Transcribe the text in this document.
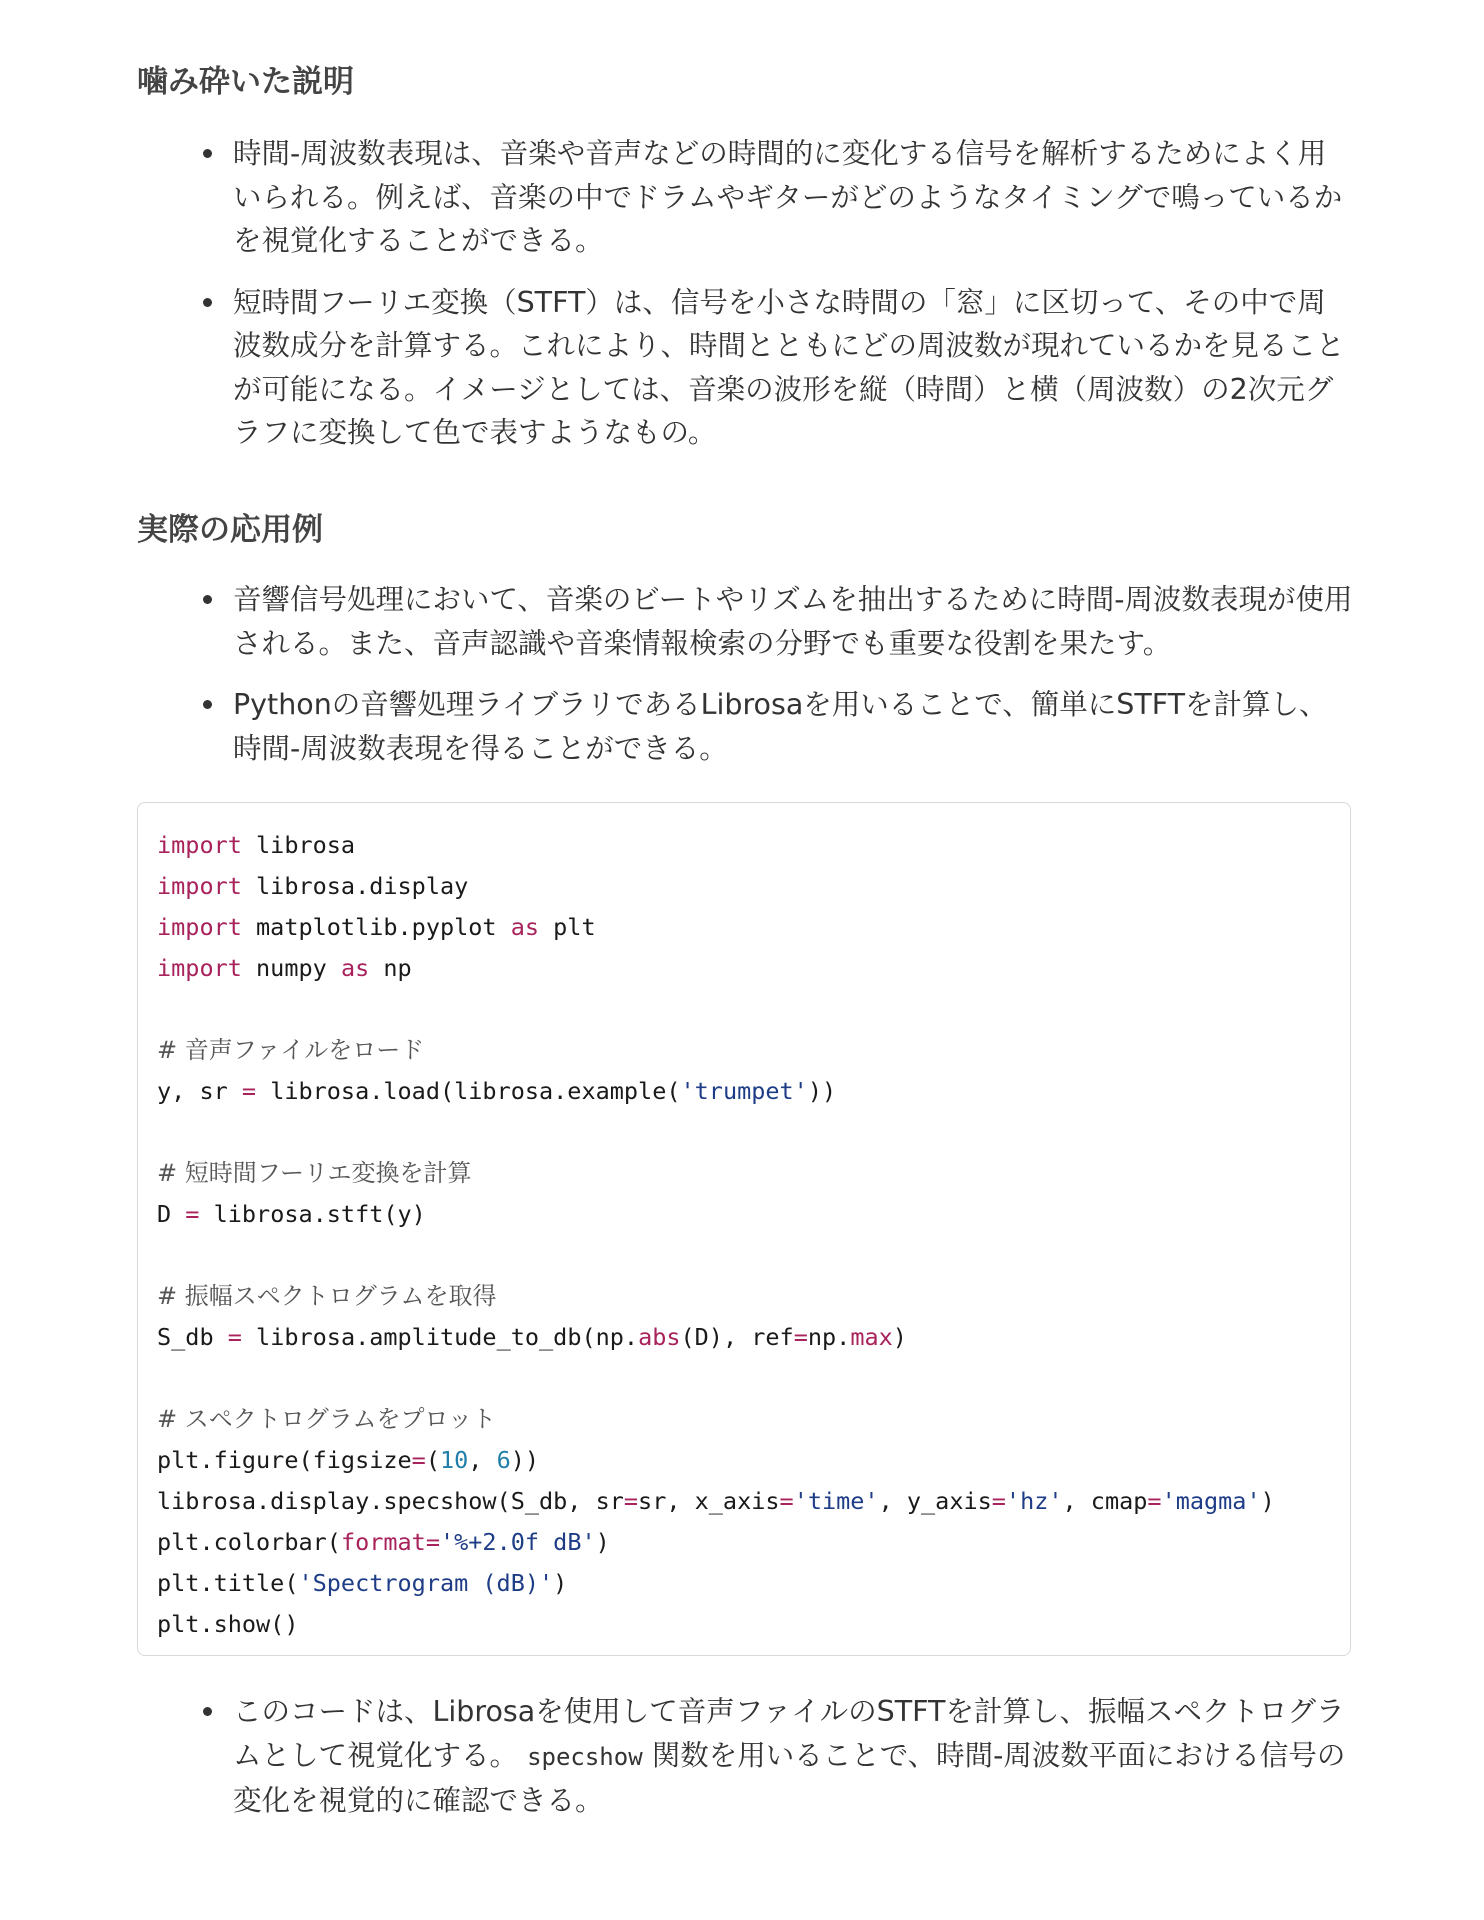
噛み砕いた説明
時間-周波数表現は、音楽や音声などの時間的に変化する信号を解析するためによく用いられる。例えば、音楽の中でドラムやギターがどのようなタイミングで鳴っているかを視覚化することができる。
短時間フーリエ変換（STFT）は、信号を小さな時間の「窓」に区切って、その中で周波数成分を計算する。これにより、時間とともにどの周波数が現れているかを見ることが可能になる。イメージとしては、音楽の波形を縦（時間）と横（周波数）の2次元グラフに変換して色で表すようなもの。
実際の応用例
音響信号処理において、音楽のビートやリズムを抽出するために時間-周波数表現が使用される。また、音声認識や音楽情報検索の分野でも重要な役割を果たす。
Pythonの音響処理ライブラリであるLibrosaを用いることで、簡単にSTFTを計算し、時間-周波数表現を得ることができる。
import librosa
import librosa.display
import matplotlib.pyplot as plt
import numpy as np

# 音声ファイルをロード
y, sr = librosa.load(librosa.example('trumpet'))

# 短時間フーリエ変換を計算
D = librosa.stft(y)

# 振幅スペクトログラムを取得
S_db = librosa.amplitude_to_db(np.abs(D), ref=np.max)

# スペクトログラムをプロット
plt.figure(figsize=(10, 6))
librosa.display.specshow(S_db, sr=sr, x_axis='time', y_axis='hz', cmap='magma')
plt.colorbar(format='%+2.0f dB')
plt.title('Spectrogram (dB)')
plt.show()
このコードは、Librosaを使用して音声ファイルのSTFTを計算し、振幅スペクトログラムとして視覚化する。 specshow 関数を用いることで、時間-周波数平面における信号の変化を視覚的に確認できる。
